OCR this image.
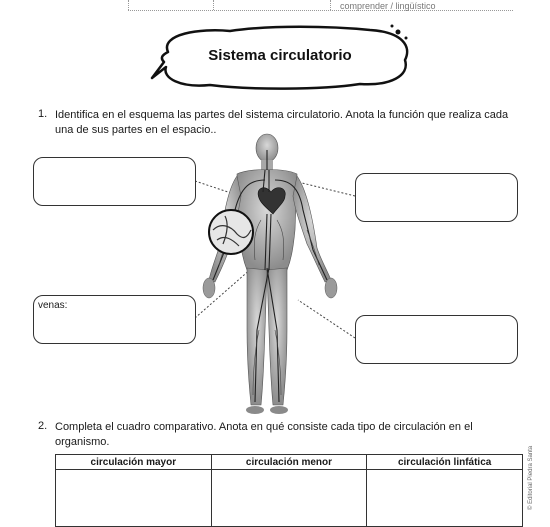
comprender / lingüístico
Sistema circulatorio
1. Identifica en el esquema las partes del sistema circulatorio. Anota la función que realiza cada una de sus partes en el espacio..
venas:
2. Completa el cuadro comparativo. Anota en qué consiste cada tipo de circulación en el organismo.
circulación mayor	circulación menor	circulación linfática
			© Editorial Piedra Santa
